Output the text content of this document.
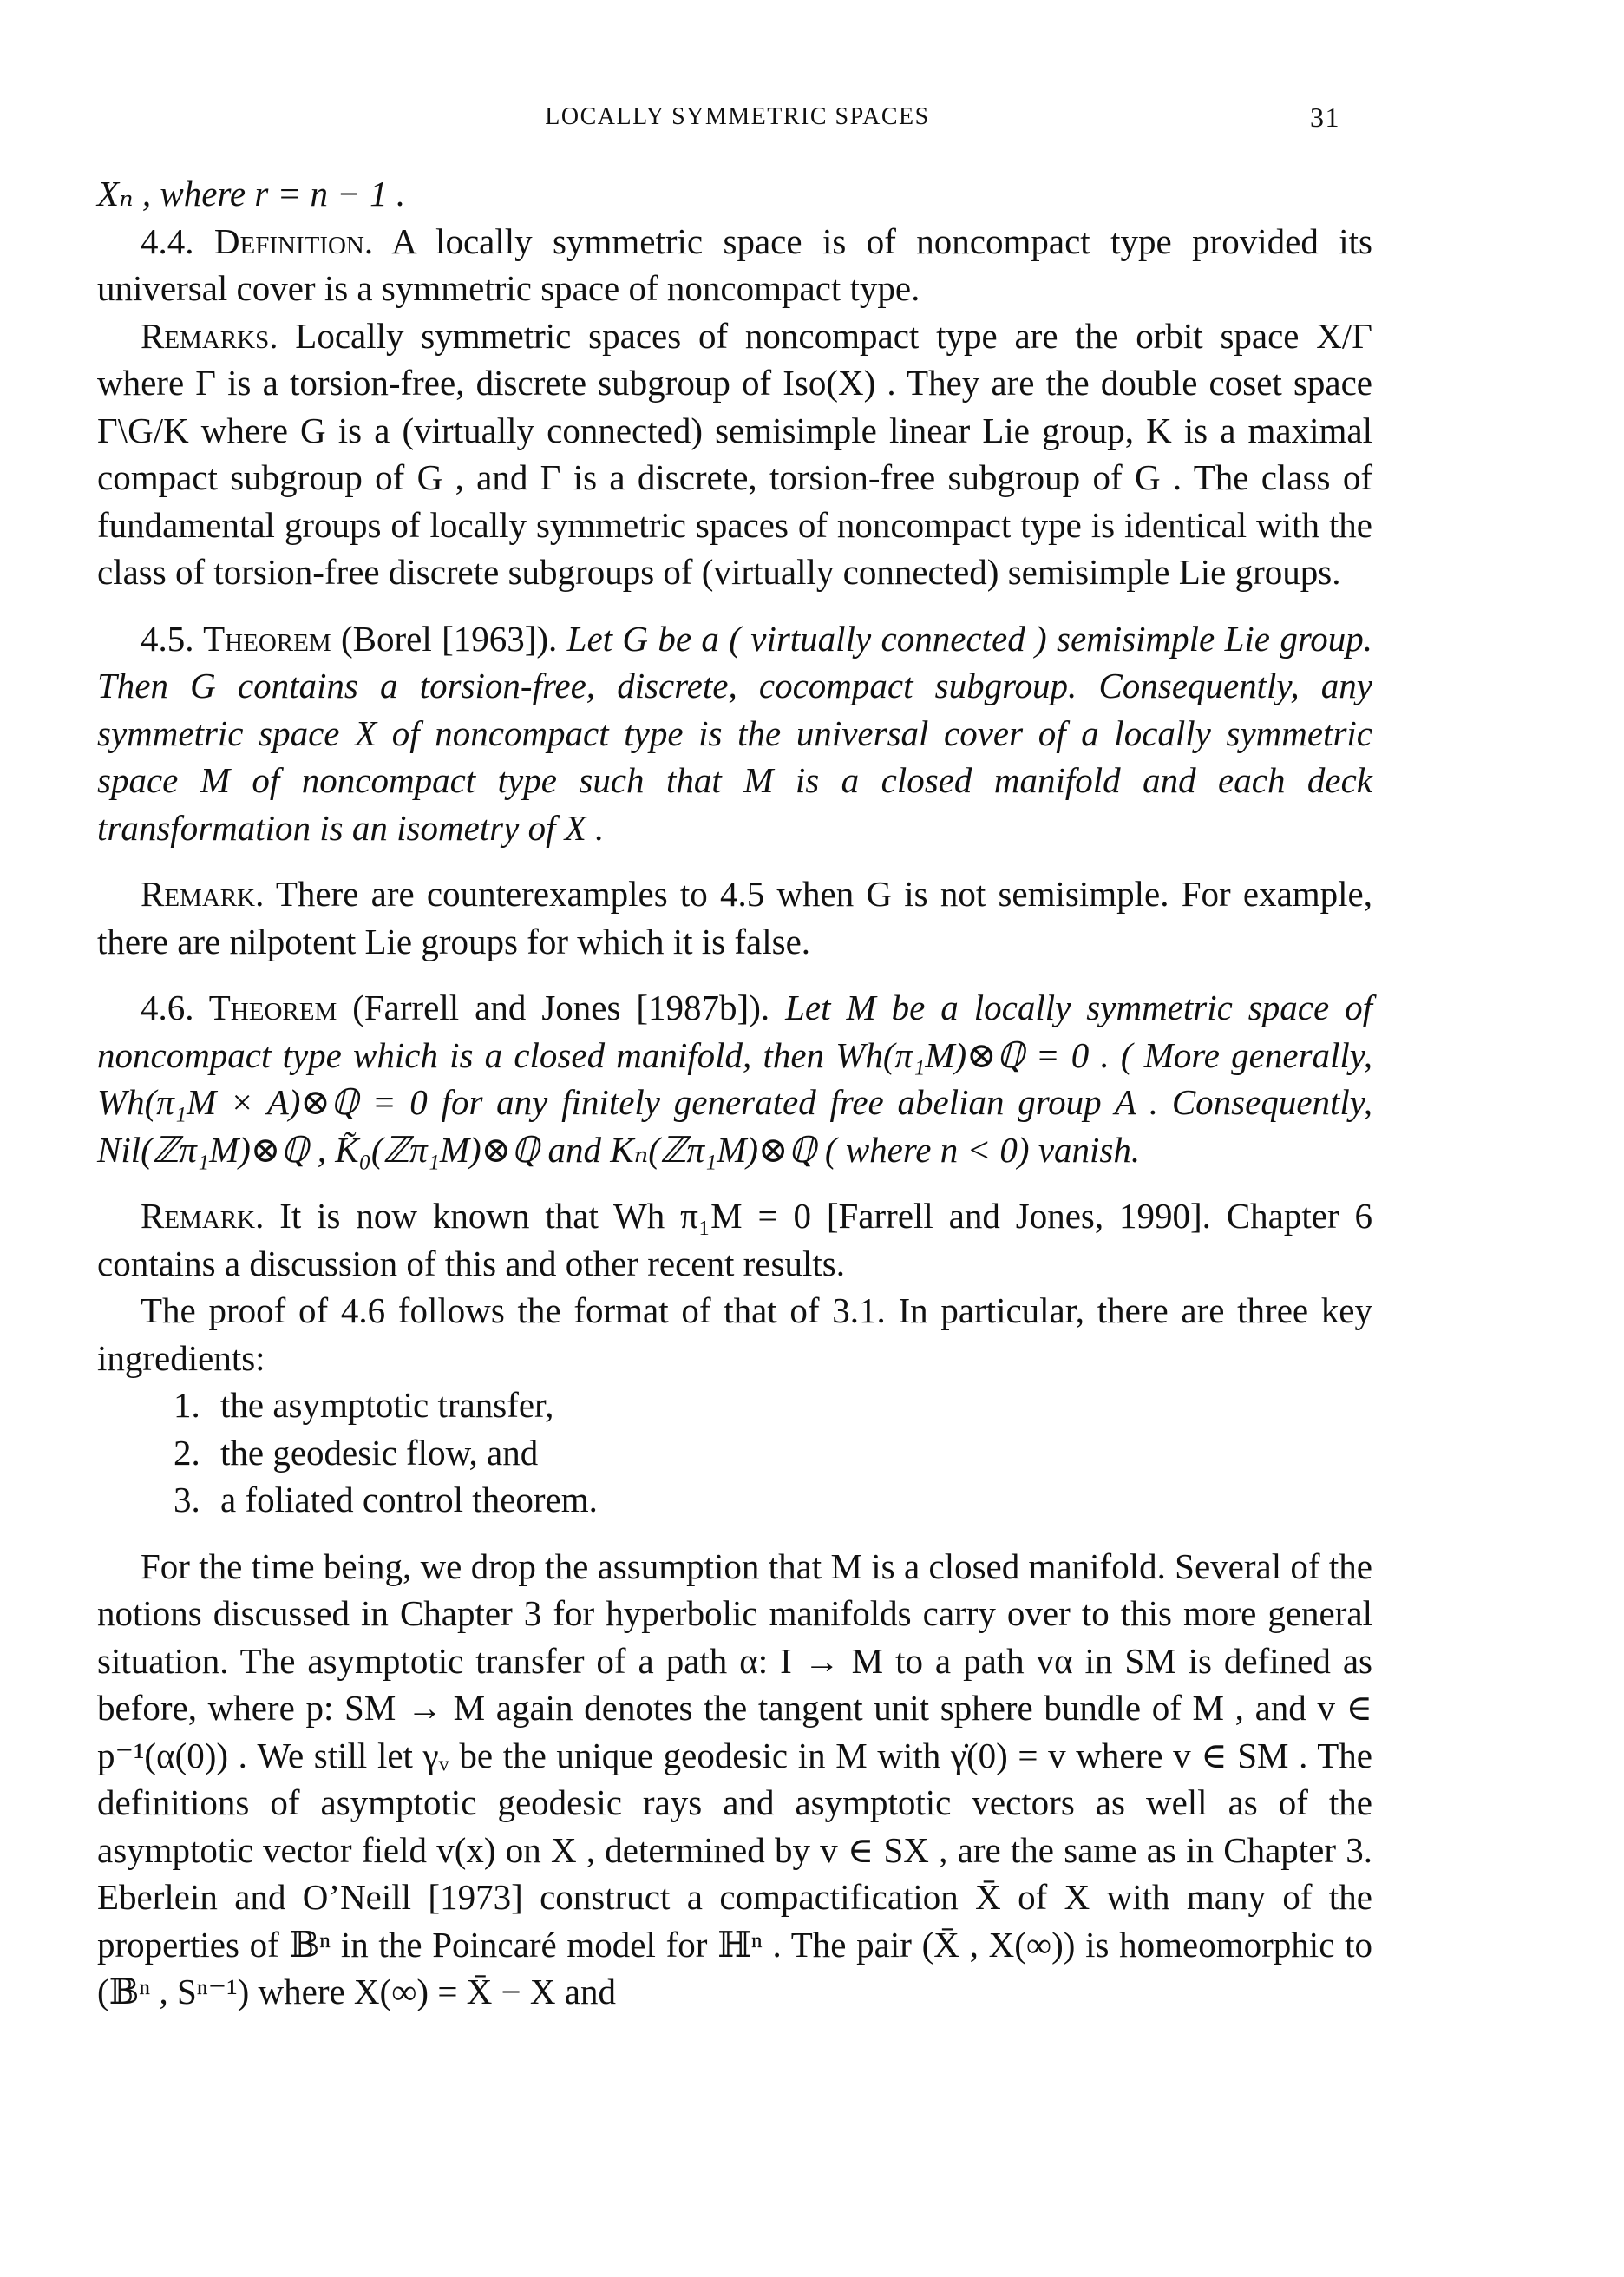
LOCALLY SYMMETRIC SPACES	31

Xₙ , where r = n − 1 .

4.4. Definition. A locally symmetric space is of noncompact type provided its universal cover is a symmetric space of noncompact type.

Remarks. Locally symmetric spaces of noncompact type are the orbit space X/Γ where Γ is a torsion-free, discrete subgroup of Iso(X) . They are the double coset space Γ\G/K where G is a (virtually connected) semisimple linear Lie group, K is a maximal compact subgroup of G , and Γ is a discrete, torsion-free subgroup of G . The class of fundamental groups of locally symmetric spaces of noncompact type is identical with the class of torsion-free discrete subgroups of (virtually connected) semisimple Lie groups.

4.5. Theorem (Borel [1963]). Let G be a ( virtually connected ) semisimple Lie group. Then G contains a torsion-free, discrete, cocompact subgroup. Consequently, any symmetric space X of noncompact type is the universal cover of a locally symmetric space M of noncompact type such that M is a closed manifold and each deck transformation is an isometry of X .

Remark. There are counterexamples to 4.5 when G is not semisimple. For example, there are nilpotent Lie groups for which it is false.

4.6. Theorem (Farrell and Jones [1987b]). Let M be a locally symmetric space of noncompact type which is a closed manifold, then Wh(π₁M)⊗ℚ = 0 . ( More generally, Wh(π₁M × A)⊗ℚ = 0 for any finitely generated free abelian group A . Consequently, Nil(ℤπ₁M)⊗ℚ , K̃₀(ℤπ₁M)⊗ℚ and Kₙ(ℤπ₁M)⊗ℚ ( where n < 0) vanish.

Remark. It is now known that Wh π₁M = 0 [Farrell and Jones, 1990]. Chapter 6 contains a discussion of this and other recent results.

The proof of 4.6 follows the format of that of 3.1. In particular, there are three key ingredients:

1. the asymptotic transfer,
2. the geodesic flow, and
3. a foliated control theorem.

For the time being, we drop the assumption that M is a closed manifold. Several of the notions discussed in Chapter 3 for hyperbolic manifolds carry over to this more general situation. The asymptotic transfer of a path α: I → M to a path vα in SM is defined as before, where p: SM → M again denotes the tangent unit sphere bundle of M , and v ∈ p⁻¹(α(0)) . We still let γᵥ be the unique geodesic in M with γ̇(0) = v where v ∈ SM . The definitions of asymptotic geodesic rays and asymptotic vectors as well as of the asymptotic vector field v(x) on X , determined by v ∈ SX , are the same as in Chapter 3. Eberlein and O’Neill [1973] construct a compactification X̄ of X with many of the properties of 𝔹ⁿ in the Poincaré model for ℍⁿ . The pair (X̄ , X(∞)) is homeomorphic to (𝔹ⁿ , Sⁿ⁻¹) where X(∞) = X̄ − X and
